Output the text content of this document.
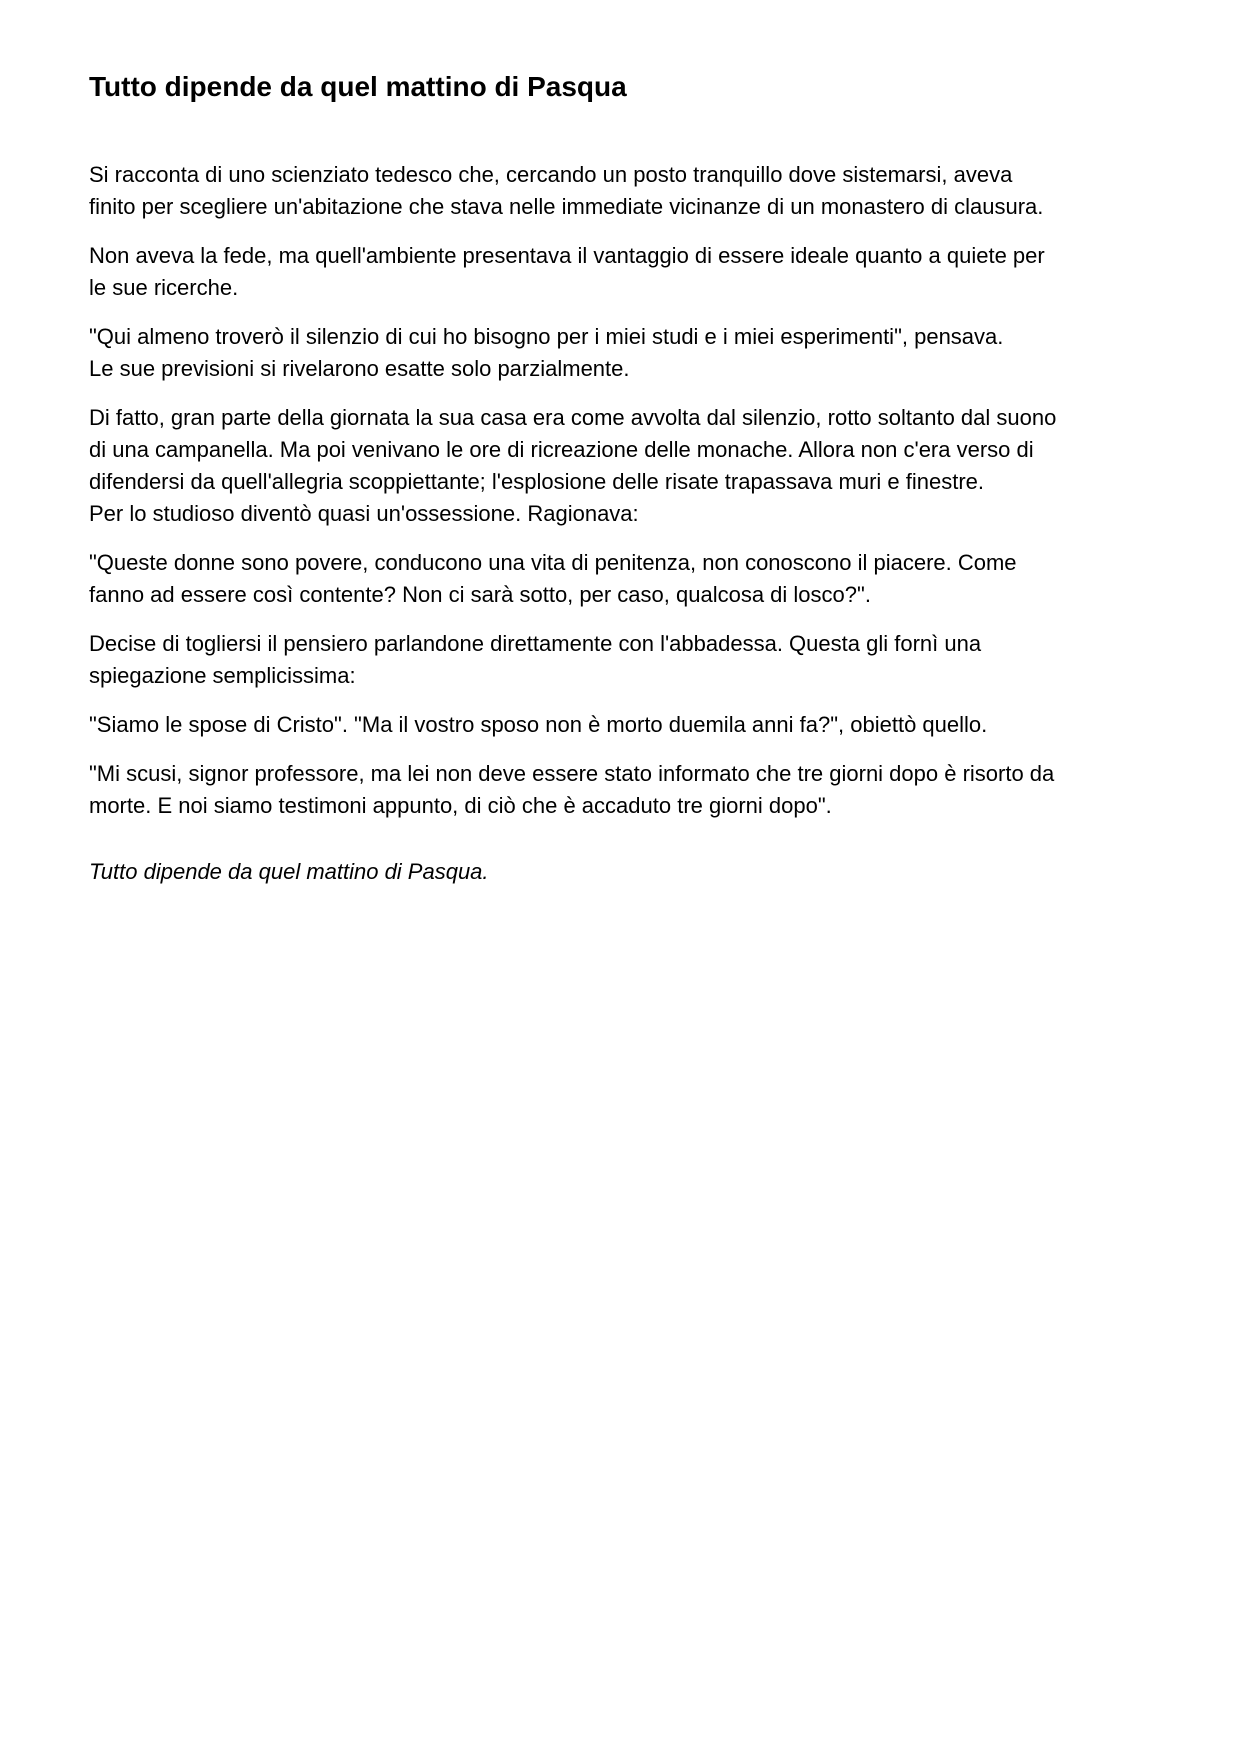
Tutto dipende da quel mattino di Pasqua

Si racconta di uno scienziato tedesco che, cercando un posto tranquillo dove sistemarsi, aveva
finito per scegliere un'abitazione che stava nelle immediate vicinanze di un monastero di clausura.

Non aveva la fede, ma quell'ambiente presentava il vantaggio di essere ideale quanto a quiete per
le sue ricerche.

"Qui almeno troverò il silenzio di cui ho bisogno per i miei studi e i miei esperimenti", pensava.
Le sue previsioni si rivelarono esatte solo parzialmente.

Di fatto, gran parte della giornata la sua casa era come avvolta dal silenzio, rotto soltanto dal suono
di una campanella. Ma poi venivano le ore di ricreazione delle monache. Allora non c'era verso di
difendersi da quell'allegria scoppiettante; l'esplosione delle risate trapassava muri e finestre.
Per lo studioso diventò quasi un'ossessione. Ragionava:

"Queste donne sono povere, conducono una vita di penitenza, non conoscono il piacere. Come
fanno ad essere così contente? Non ci sarà sotto, per caso, qualcosa di losco?".

Decise di togliersi il pensiero parlandone direttamente con l'abbadessa. Questa gli fornì una
spiegazione semplicissima:

"Siamo le spose di Cristo". "Ma il vostro sposo non è morto duemila anni fa?", obiettò quello.

"Mi scusi, signor professore, ma lei non deve essere stato informato che tre giorni dopo è risorto da
morte. E noi siamo testimoni appunto, di ciò che è accaduto tre giorni dopo".

Tutto dipende da quel mattino di Pasqua.
